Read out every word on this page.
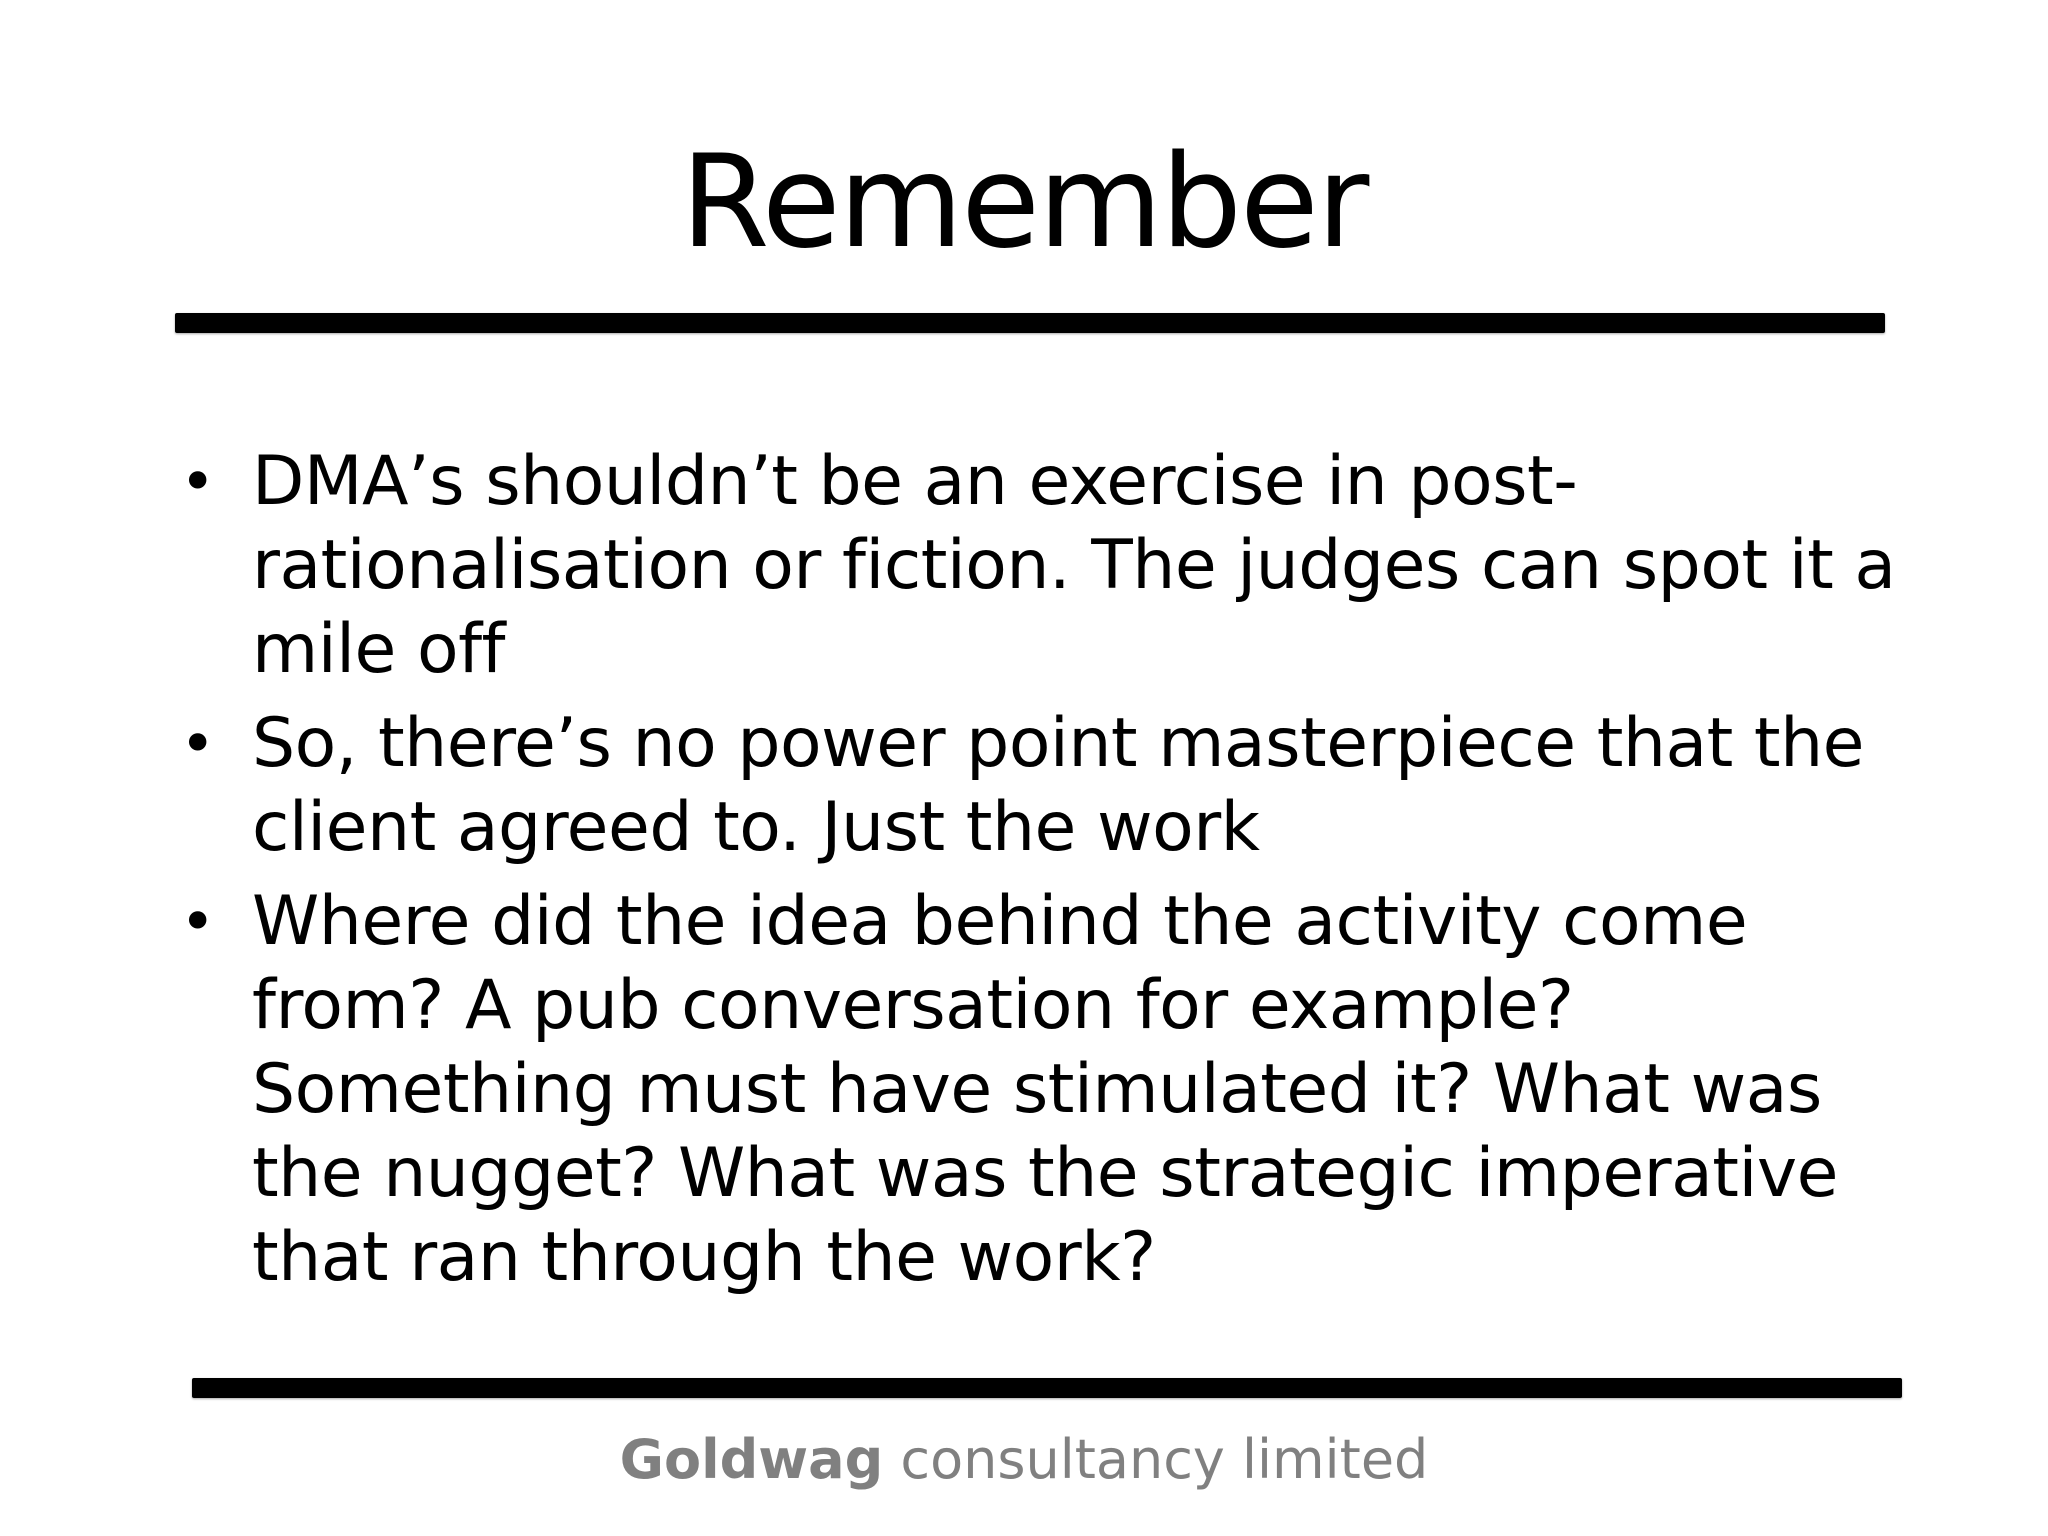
Remember
• DMA’s shouldn’t be an exercise in post-rationalisation or fiction. The judges can spot it a mile off
• So, there’s no power point masterpiece that the client agreed to. Just the work
• Where did the idea behind the activity come from? A pub conversation for example? Something must have stimulated it? What was the nugget? What was the strategic imperative that ran through the work?
Goldwag consultancy limited
